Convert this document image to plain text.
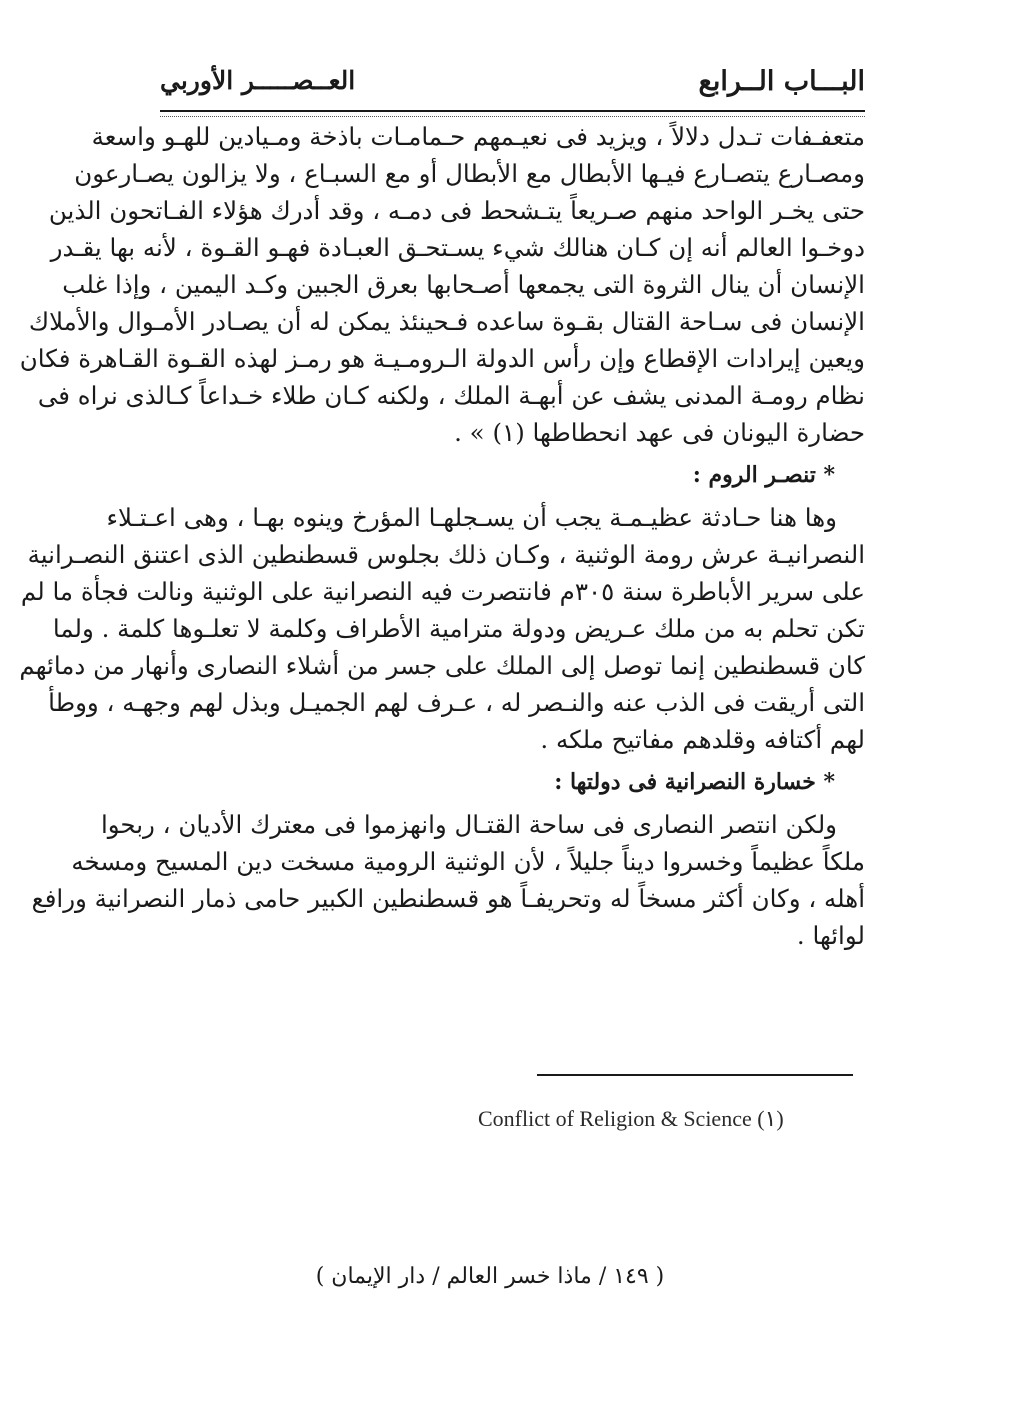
البـــاب الــرابع
العــصـــــر الأوربي
متعفـفات تـدل دلالاً ، ويزيد فى نعيـمهم حـمامـات باذخة ومـيادين للهـو واسعة
ومصـارع يتصـارع فيـها الأبطال مع الأبطال أو مع السبـاع ، ولا يزالون يصـارعون
حتى يخـر الواحد منهم صـريعاً يتـشحط فى دمـه ، وقد أدرك هؤلاء الفـاتحون الذين
دوخـوا العالم أنه إن كـان هنالك شيء يسـتحـق العبـادة فهـو القـوة ، لأنه بها يقـدر
الإنسان أن ينال الثروة التى يجمعها أصـحابها بعرق الجبين وكـد اليمين ، وإذا غلب
الإنسان فى سـاحة القتال بقـوة ساعده فـحينئذ يمكن له أن يصـادر الأمـوال والأملاك
ويعين إيرادات الإقطاع وإن رأس الدولة الـرومـيـة هو رمـز لهذه القـوة القـاهرة فكان
نظام رومـة المدنى يشف عن أبهـة الملك ، ولكنه كـان طلاء خـداعاً كـالذى نراه فى
حضارة اليونان فى عهد انحطاطها (١) » .
* تنصـر الروم :
وها هنا حـادثة عظيـمـة يجب أن يسـجلهـا المؤرخ وينوه بهـا ، وهى اعـتـلاء
النصرانيـة عرش رومة الوثنية ، وكـان ذلك بجلوس قسطنطين الذى اعتنق النصـرانية
على سرير الأباطرة سنة ٣٠٥م فانتصرت فيه النصرانية على الوثنية ونالت فجأة ما لم
تكن تحلم به من ملك عـريض ودولة مترامية الأطراف وكلمة لا تعلـوها كلمة . ولما
كان قسطنطين إنما توصل إلى الملك على جسر من أشلاء النصارى وأنهار من دمائهم
التى أريقت فى الذب عنه والنـصر له ، عـرف لهم الجميـل وبذل لهم وجهـه ، ووطأ
لهم أكتافه وقلدهم مفاتيح ملكه .
* خسارة النصرانية فى دولتها :
ولكن انتصر النصارى فى ساحة القتـال وانهزموا فى معترك الأديان ، ربحوا
ملكاً عظيماً وخسروا ديناً جليلاً ، لأن الوثنية الرومية مسخت دين المسيح ومسخه
أهله ، وكان أكثر مسخاً له وتحريفـاً هو قسطنطين الكبير حامى ذمار النصرانية ورافع
لوائها .
Conflict of Religion & Science (١)
( ١٤٩ / ماذا خسر العالم / دار الإيمان )
